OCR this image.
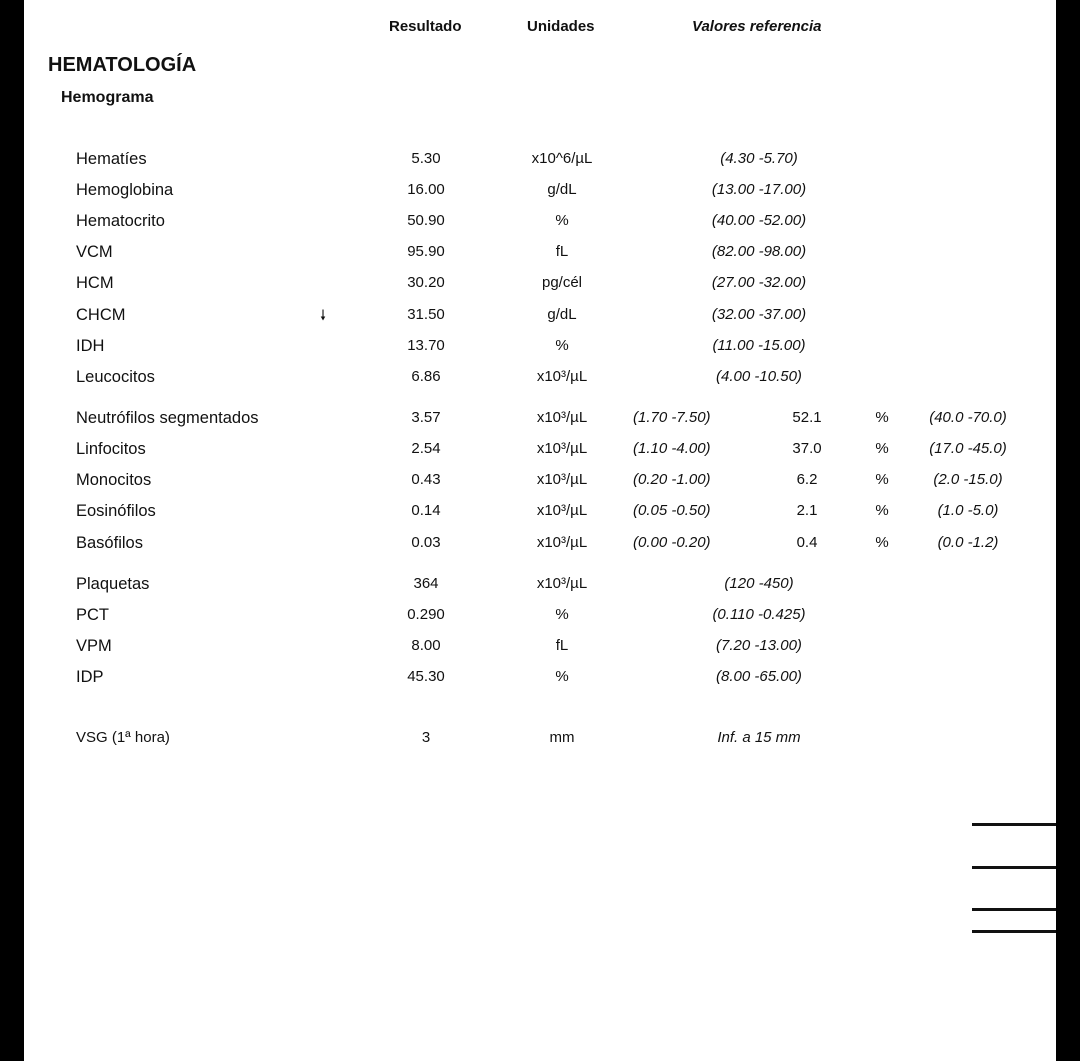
Resultado	Unidades	Valores referencia
HEMATOLOGÍA
Hemograma
Hematíes	5.30	x10^6/µL	(4.30 -5.70)
Hemoglobina	16.00	g/dL	(13.00 -17.00)
Hematocrito	50.90	%	(40.00 -52.00)
VCM	95.90	fL	(82.00 -98.00)
HCM	30.20	pg/cél	(27.00 -32.00)
CHCM	🠗	31.50	g/dL	(32.00 -37.00)
IDH	13.70	%	(11.00 -15.00)
Leucocitos	6.86	x10³/µL	(4.00 -10.50)
Neutrófilos segmentados	3.57	x10³/µL	(1.70 -7.50)	52.1	%	(40.0 -70.0)
Linfocitos	2.54	x10³/µL	(1.10 -4.00)	37.0	%	(17.0 -45.0)
Monocitos	0.43	x10³/µL	(0.20 -1.00)	6.2	%	(2.0 -15.0)
Eosinófilos	0.14	x10³/µL	(0.05 -0.50)	2.1	%	(1.0 -5.0)
Basófilos	0.03	x10³/µL	(0.00 -0.20)	0.4	%	(0.0 -1.2)
Plaquetas	364	x10³/µL	(120 -450)
PCT	0.290	%	(0.110 -0.425)
VPM	8.00	fL	(7.20 -13.00)
IDP	45.30	%	(8.00 -65.00)
VSG (1ª hora)	3	mm	Inf. a 15 mm
